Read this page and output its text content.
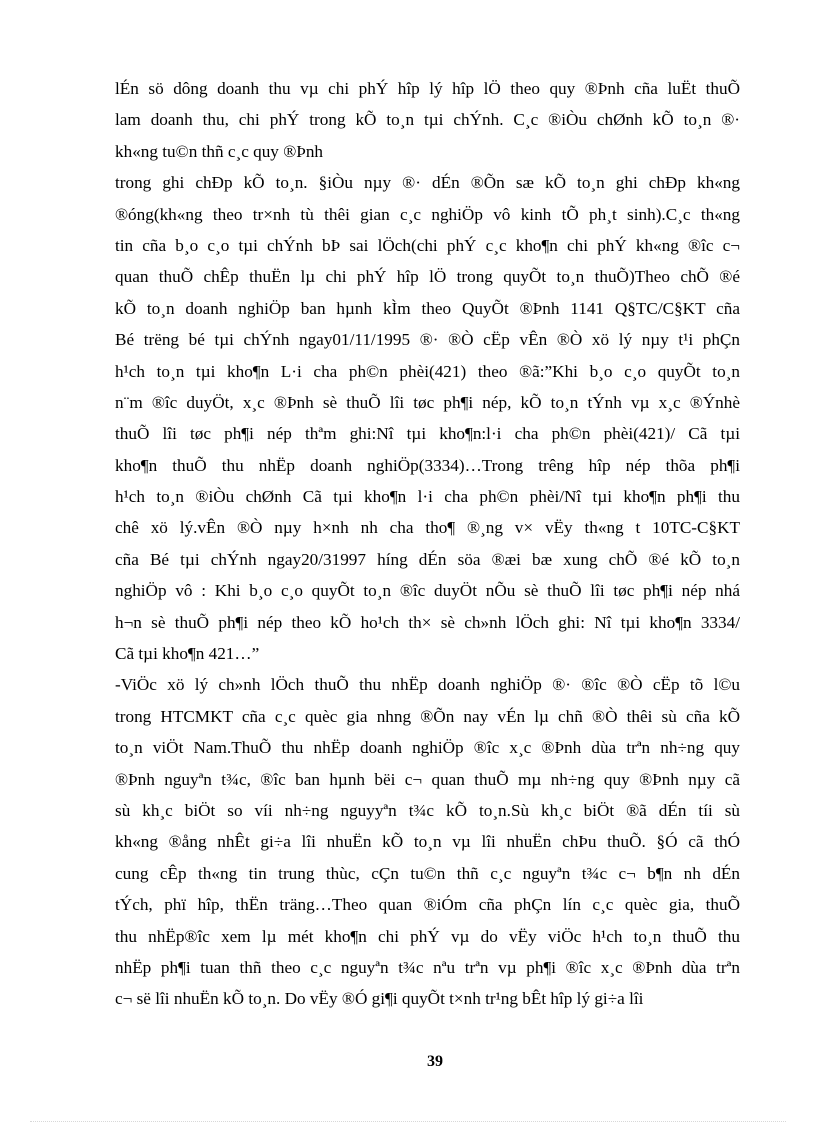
lÉn sö dông doanh thu vµ chi phÝ hîp lý hîp lÖ theo quy ®Þnh cña luËt thuÕ
lam doanh thu, chi phÝ trong kÕ to¸n tµi chÝnh. C¸c ®iÒu chØnh kÕ to¸n ®·
kh«ng tu©n thñ c¸c quy ®Þnh
trong ghi chÐp kÕ to¸n. §iÒu nµy ®· dÉn ®Õn sæ kÕ to¸n ghi chÐp kh«ng
®óng(kh«ng theo tr×nh tù thêi gian c¸c nghiÖp vô kinh tÕ ph¸t sinh).C¸c th«ng
tin cña b¸o c¸o tµi chÝnh bÞ sai lÖch(chi phÝ c¸c kho¶n chi phÝ kh«ng ®îc c¬
quan thuÕ chÊp thuËn lµ chi phÝ hîp lÖ trong quyÕt to¸n thuÕ)Theo chÕ ®é
kÕ to¸n doanh nghiÖp ban hµnh kÌm theo QuyÕt ®Þnh 1141 Q§TC/C§KT cña
Bé trëng bé tµi chÝnh ngay01/11/1995 ®· ®Ò cËp vÊn ®Ò xö lý nµy t¹i phÇn
h¹ch to¸n tµi kho¶n L·i cha ph©n phèi(421) theo ®ã:”Khi b¸o c¸o quyÕt to¸n
n¨m ®îc duyÖt, x¸c ®Þnh sè thuÕ lîi tøc ph¶i nép, kÕ to¸n tÝnh vµ x¸c ®Ýnhè
thuÕ lîi tøc ph¶i nép thªm ghi:Nî tµi kho¶n:l·i cha ph©n phèi(421)/ Cã tµi
kho¶n thuÕ thu nhËp doanh nghiÖp(3334)…Trong trêng hîp nép thõa ph¶i
h¹ch to¸n ®iÒu chØnh Cã tµi kho¶n l·i cha ph©n phèi/Nî tµi kho¶n ph¶i thu
chê xö lý.vÊn ®Ò nµy h×nh nh cha tho¶ ®¸ng v× vËy th«ng t 10TC-C§KT
cña Bé tµi chÝnh ngay20/31997 híng dÉn söa ®æi bæ xung chÕ ®é kÕ to¸n
nghiÖp vô : Khi b¸o c¸o quyÕt to¸n ®îc duyÖt nÕu sè thuÕ lîi tøc ph¶i nép nhá
h¬n sè thuÕ ph¶i nép theo kÕ ho¹ch th× sè ch»nh lÖch ghi: Nî tµi kho¶n 3334/
Cã tµi kho¶n 421…”
-ViÖc xö lý ch»nh lÖch thuÕ thu nhËp doanh nghiÖp ®· ®îc ®Ò cËp tõ l©u
trong HTCMKT cña c¸c quèc gia nhng ®Õn nay vÉn lµ chñ ®Ò thêi sù cña kÕ
to¸n viÖt Nam.ThuÕ thu nhËp doanh nghiÖp ®îc x¸c ®Þnh dùa trªn nh÷ng quy
®Þnh nguyªn t¾c, ®îc ban hµnh bëi c¬ quan thuÕ mµ nh÷ng quy ®Þnh nµy cã
sù kh¸c biÖt so víi nh÷ng nguyyªn t¾c kÕ to¸n.Sù kh¸c biÖt ®ã dÉn tíi sù
kh«ng ®ång nhÊt gi÷a lîi nhuËn kÕ to¸n vµ lîi nhuËn chÞu thuÕ. §Ó cã thÓ
cung cÊp th«ng tin trung thùc, cÇn tu©n thñ c¸c nguyªn t¾c c¬ b¶n nh dÉn
tÝch, phï hîp, thËn träng…Theo quan ®iÓm cña phÇn lín c¸c quèc gia, thuÕ
thu nhËp®îc xem lµ mét kho¶n chi phÝ vµ do vËy viÖc h¹ch to¸n thuÕ thu
nhËp ph¶i tuan thñ theo c¸c nguyªn t¾c nªu trªn vµ ph¶i ®îc x¸c ®Þnh dùa trªn
c¬ së lîi nhuËn kÕ to¸n. Do vËy ®Ó gi¶i quyÕt t×nh tr¹ng bÊt hîp lý gi÷a lîi
39
